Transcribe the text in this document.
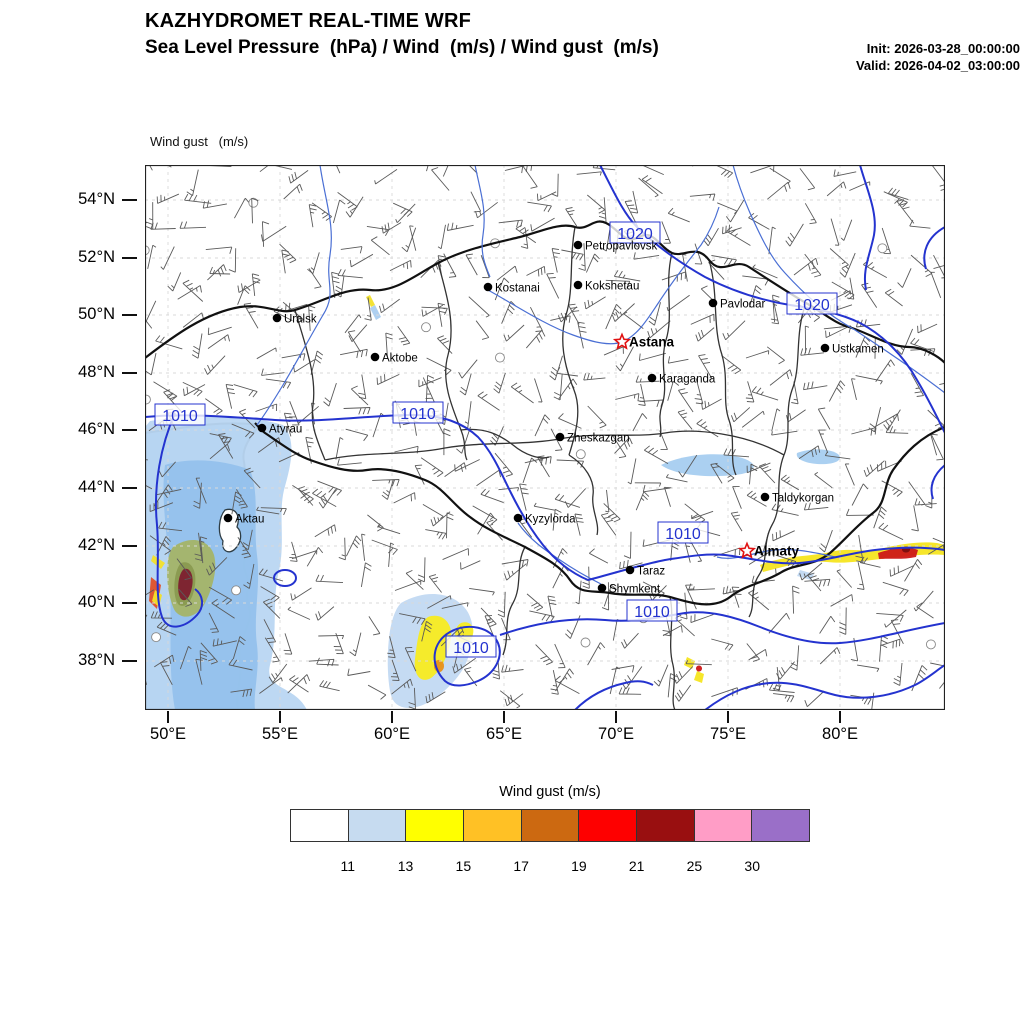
KAZHYDROMET REAL-TIME WRF
Sea Level Pressure  (hPa) / Wind  (m/s) / Wind gust  (m/s)	Init: 2026-03-28_00:00:00
Valid: 2026-04-02_03:00:00

Wind gust   (m/s)

1020
1020
1010	1010
1010
1010
1010
Petropavlovsk
Kostanai	Kokshetau
Pavlodar
Uralsk
Astana
Aktobe
Ustkamen
Karaganda
Atyrau
Zheskazgan
Taldykorgan
Aktau	Kyzylorda
Almaty
Taraz
Shymkent
54°N
52°N
50°N
48°N
46°N
44°N
42°N
40°N
38°N
50°E	55°E	60°E	65°E	70°E	75°E	80°E
Wind gust (m/s)
11	13	15	17	19	21	25	30
